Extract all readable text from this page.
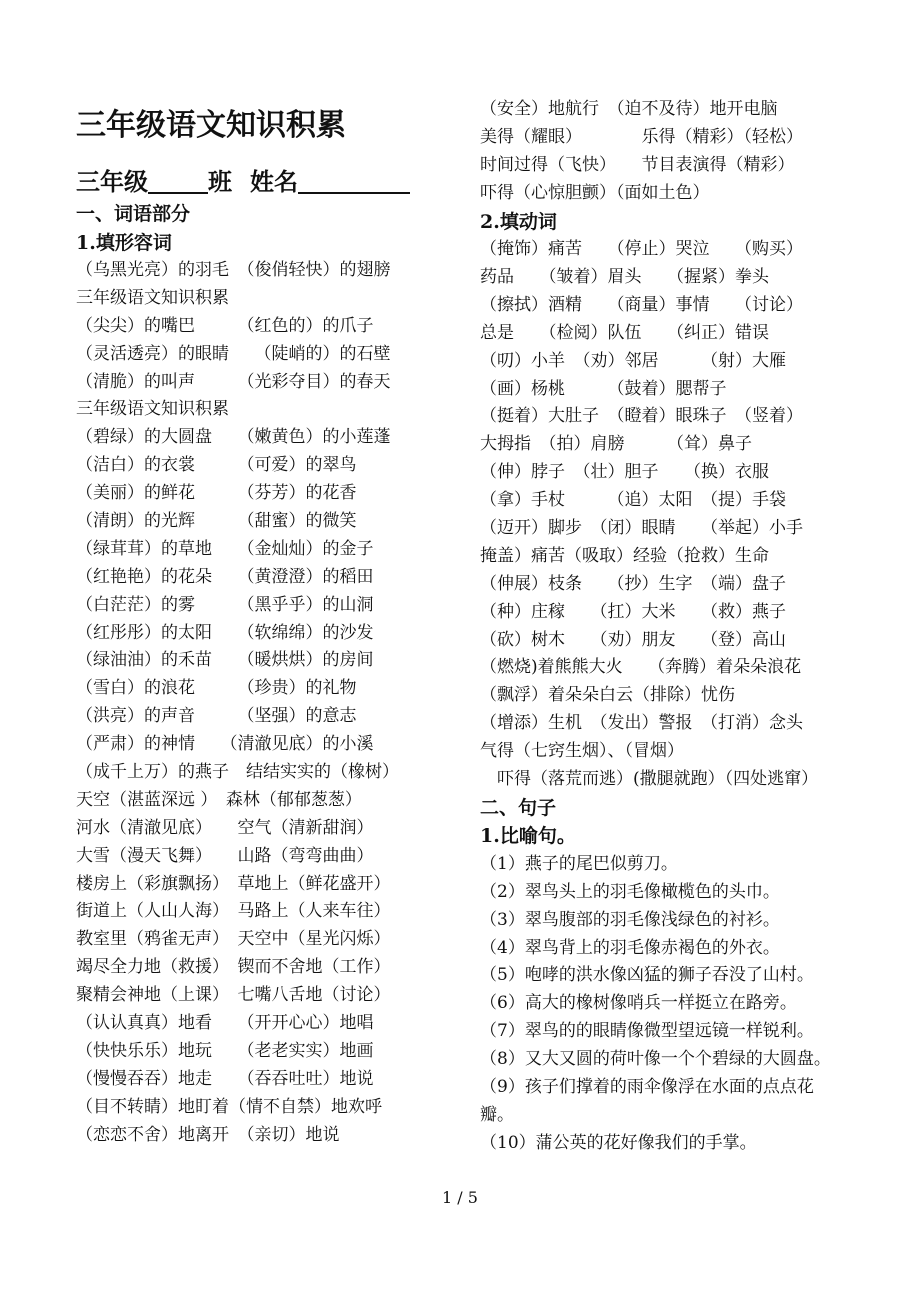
三年级语文知识积累
三年级	班 姓名
一、词语部分
1.填形容词
（乌黑光亮）的羽毛　（俊俏轻快）的翅膀
三年级语文知识积累
（尖尖）的嘴巴　　　（红色的）的爪子
（灵活透亮）的眼睛　　（陡峭的）的石壁
（清脆）的叫声　　　（光彩夺目）的春天
三年级语文知识积累
（碧绿）的大圆盘　　（嫩黄色）的小莲蓬
（洁白）的衣裳　　　（可爱）的翠鸟
（美丽）的鲜花　　　（芬芳）的花香
（清朗）的光辉　　　（甜蜜）的微笑
（绿茸茸）的草地　　（金灿灿）的金子
（红艳艳）的花朵　　（黄澄澄）的稻田
（白茫茫）的雾　　　（黑乎乎）的山洞
（红彤彤）的太阳　　（软绵绵）的沙发
（绿油油）的禾苗　　（暖烘烘）的房间
（雪白）的浪花　　　（珍贵）的礼物
（洪亮）的声音　　　（坚强）的意志
（严肃）的神情　　（清澈见底）的小溪
（成千上万）的燕子　结结实实的（橡树）
天空（湛蓝深远 ）　森林（郁郁葱葱）
河水（清澈见底）　　空气（清新甜润）
大雪（漫天飞舞）　　山路（弯弯曲曲）
楼房上（彩旗飘扬）　草地上（鲜花盛开）
街道上（人山人海）　马路上（人来车往）
教室里（鸦雀无声）　天空中（星光闪烁）
竭尽全力地（救援）　锲而不舍地（工作）
聚精会神地（上课）　七嘴八舌地（讨论）
（认认真真）地看　　（开开心心）地唱
（快快乐乐）地玩　　（老老实实）地画
（慢慢吞吞）地走　　（吞吞吐吐）地说
（目不转睛）地盯着（情不自禁）地欢呼
（恋恋不舍）地离开　（亲切）地说
（安全）地航行　（迫不及待）地开电脑
美得（耀眼）　　　　乐得（精彩）（轻松）
时间过得（飞快）　　节目表演得（精彩）
吓得（心惊胆颤）（面如土色）
2.填动词
（掩饰）痛苦　　（停止）哭泣　　（购买）
药品　　（皱着）眉头　　（握紧）拳头
（擦拭）酒精　　（商量）事情　　（讨论）
总是　　（检阅）队伍　　（纠正）错误
（叨）小羊　（劝）邻居　　　（射）大雁
（画）杨桃　　　（鼓着）腮帮子
（挺着）大肚子　（瞪着）眼珠子　（竖着）
大拇指　（拍）肩膀　　　（耸）鼻子
（伸）脖子　（壮）胆子　　（换）衣服
（拿）手杖　　　（追）太阳　（提）手袋
（迈开）脚步　（闭）眼睛　　（举起）小手
掩盖）痛苦（吸取）经验（抢救）生命
（伸展）枝条　　（抄）生字　（端）盘子
（种）庄稼　　（扛）大米　　（救）燕子
（砍）树木　　（劝）朋友　　（登）高山
（燃烧)着熊熊大火　　（奔腾）着朵朵浪花
（飘浮）着朵朵白云（排除）忧伤
（增添）生机　（发出）警报　（打消）念头
气得（七窍生烟）、（冒烟）
　吓得（落荒而逃）(撒腿就跑）（四处逃窜）
二、句子
1.比喻句。
（1）燕子的尾巴似剪刀。
（2）翠鸟头上的羽毛像橄榄色的头巾。
（3）翠鸟腹部的羽毛像浅绿色的衬衫。
（4）翠鸟背上的羽毛像赤褐色的外衣。
（5）咆哮的洪水像凶猛的狮子吞没了山村。
（6）高大的橡树像哨兵一样挺立在路旁。
（7）翠鸟的的眼睛像微型望远镜一样锐利。
（8）又大又圆的荷叶像一个个碧绿的大圆盘。
（9）孩子们撑着的雨伞像浮在水面的点点花
瓣。
（10）蒲公英的花好像我们的手掌。
1 / 5
